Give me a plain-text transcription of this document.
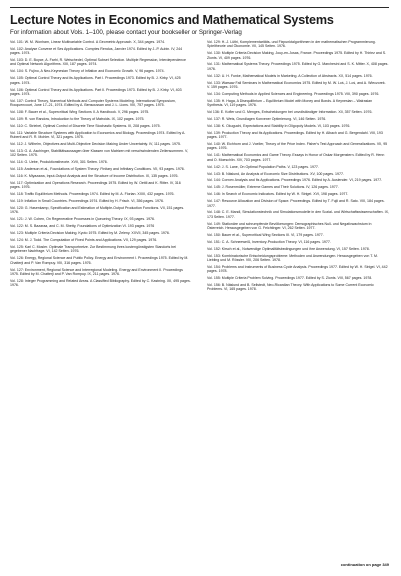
Lecture Notes in Economics and Mathematical Systems
For information about Vols. 1–100, please contact your bookseller or Springer-Verlag

Vol. 101: W. M. Wonham, Linear Multivariable Control. A Geometric Approach. X, 344 pages. 1974.

Vol. 102: Analyse Convexe et Ses Applications. Comptes Rendus, Janvier 1974. Edited by J.-P. Aubin. IV, 244 pages. 1974.

Vol. 103: D. E. Boyce, A. Farhi, R. Weischedel, Optimal Subset Selection. Multiple Regression, Interdependence and Optimal Network Algorithms. XIII, 187 pages. 1974.

Vol. 104: S. Fujino, A Neo-Keynesian Theory of Inflation and Economic Growth. V, 96 pages. 1974.

Vol. 105: Optimal Control Theory and its Applications. Part I. Proceedings 1973. Edited by B. J. Kirby. VI, 425 pages. 1974.

Vol. 106: Optimal Control Theory and its Applications. Part II. Proceedings 1973. Edited by B. J. Kirby. VI, 403 pages. 1974.

Vol. 107: Control Theory, Numerical Methods and Computer Systems Modeling. International Symposium, Rocquencourt, June 17–21, 1974. Edited by A. Bensoussan and J. L. Lions. VIII, 757 pages. 1975.

Vol. 108: F. Bauer et al., Supercritical Wing Sections II. A Handbook. V, 296 pages. 1975.

Vol. 109: R. von Randow, Introduction to the Theory of Matroids. IX, 102 pages. 1975.

Vol. 110: C. Striebel, Optimal Control of Discrete Time Stochastic Systems. III, 208 pages. 1975.

Vol. 111: Variable Structure Systems with Application to Economics and Biology. Proceedings 1974. Edited by A. Ruberti and R. R. Mohler. VI, 321 pages. 1975.

Vol. 112: J. Wilhelm, Objectives and Multi-Objective Decision Making Under Uncertainty. IV, 111 pages. 1975.

Vol. 113: G. A. Aschinger, Stabilitätsaussagen über Klassen von Matrizen mit verschwindenden Zeilensummen. V, 102 Seiten. 1975.

Vol. 114: G. Uebe, Produktionstheorie. XVII, 301 Seiten. 1976.

Vol. 115: Anderson et al., Foundations of System Theory: Finitary and Infinitary Conditions. VII, 93 pages. 1976.

Vol. 116: K. Miyazawa, Input-Output Analysis and the Structure of Income Distribution. IX, 135 pages. 1976.

Vol. 117: Optimization and Operations Research. Proceedings 1975. Edited by W. Oettli and K. Ritter. IV, 316 pages. 1976.

Vol. 118: Traffic Equilibrium Methods. Proceedings 1974. Edited by M. A. Florian. XXIII, 432 pages. 1976.

Vol. 119: Inflation in Small Countries. Proceedings 1974. Edited by H. Frisch. VI, 356 pages. 1976.

Vol. 120: G. Hasenkamp, Specification and Estimation of Multiple-Output Production Functions. VII, 151 pages. 1976.

Vol. 121: J. W. Cohen, On Regenerative Processes in Queueing Theory. IX, 93 pages. 1976.

Vol. 122: M. S. Bazaraa, and C. M. Shetty, Foundations of Optimization VI. 193 pages. 1976

Vol. 123: Multiple Criteria Decision Making. Kyoto 1975. Edited by M. Zeleny. XXVII, 345 pages. 1976.

Vol. 124: M. J. Todd. The Computation of Fixed Points and Applications. VII, 129 pages. 1976.

Vol. 125: Karl C. Mosler. Optimale Transportnetze. Zur Bestimmung ihres kostengünstigsten Standorts bei gegebener Nachfrage. VI, 142 Seiten. 1976.

Vol. 126: Energy, Regional Science and Public Policy. Energy and Environment I. Proceedings 1975. Edited by M. Chatterji and P. Van Rompuy. VIII, 316 pages. 1976.

Vol. 127: Environment, Regional Science and Interregional Modeling. Energy and Environment II. Proceedings 1975. Edited by M. Chatterji and P. Van Rompuy. IX, 211 pages. 1976.

Vol. 128: Integer Programming and Related Areas. A Classified Bibliography. Edited by C. Kastning. XII, 495 pages. 1976.

Vol. 129: H.-J. Lüthi, Komplementaritäts- und Fixpunktalgorithmen in der mathematischen Programmierung. Spieltheorie und Ökonomie. VII, 145 Seiten. 1976.

Vol. 130: Multiple Criteria Decision Making, Jouy-en-Josas, France. Proceedings 1975. Edited by H. Thiriez and S. Zionts. VI, 409 pages. 1976.

Vol. 131: Mathematical Systems Theory. Proceedings 1975. Edited by G. Marchesini and S. K. Mitter. X, 408 pages. 1976.

Vol. 132: U. H. Funke, Mathematical Models in Marketing. A Collection of Abstracts. XX, 514 pages. 1976.

Vol. 133: Warsaw Fall Seminars in Mathematical Economics 1975. Edited by M. W. Loś, J. Loś, and A. Wieczorek. V. 159 pages. 1976.

Vol. 134: Computing Methods in Applied Sciences and Engineering. Proceedings 1975. VIII, 390 pages. 1976.

Vol. 135: H. Haga, A Disequilibrium – Equilibrium Model with Money and Bonds. A Keynesian – Walrasian Synthesis. VI, 119 pages. 1976.

Vol 136: E. Kofler und G. Menges, Entscheidungen bei unvollständiger Information. XII, 357 Seiten. 1976.

Vol. 137: R. Wets, Grundlagen Konvexer Optimierung. VI, 146 Seiten. 1976.

Vol. 138: K. Okuguchi, Expectations and Stability in Oligopoly Models. VI, 103 pages. 1976.

Vol. 139: Production Theory and Its Applications. Proceedings. Edited by H. Albach and G. Bergendahl. VIII, 193 pages. 1977.

Vol. 140: W. Eichhorn and J. Voeller, Theory of the Price Index. Fisher's Test Approach and Generalizations. VII, 95 pages. 1976.

Vol. 141: Mathematical Economics and Game Theory. Essays in Honor of Oskar Morgenstern. Edited by R. Henn and O. Moeschlin. XIV, 703 pages. 1977.

Vol. 142: J. S. Lane, On Optimal Population Paths. V, 123 pages. 1977.

Vol. 143: B. Näslund, An Analysis of Economic Size Distributions. XV, 100 pages. 1977.

Vol. 144: Convex Analysis and Its Applications. Proceedings 1976. Edited by A. Auslender. VI, 219 pages. 1977.

Vol. 145: J. Rosenmüller, Extreme Games and Their Solutions. IV, 126 pages. 1977.

Vol. 146: In Search of Economic Indicators. Edited by W. H. Strigel. XVI, 198 pages. 1977.

Vol. 147: Resource Allocation and Division of Space. Proceedings. Edited by T. Fujii and R. Sato. VIII, 184 pages. 1977.

Vol. 148: C. E. Mandl, Simulationstechnik und Simulationsmodelle in den Sozial- und Wirtschaftswissenschaften. IX, 173 Seiten. 1977.

Vol. 149: Stationäre und schrumpfende Bevölkerungen: Demographisches Null- und Negativwachstum in Österreich. Herausgegeben von G. Feichtinger. VI, 262 Seiten. 1977.

Vol. 150: Bauer et al., Supercritical Wing Sections III. VI, 179 pages. 1977.

Vol. 151: C. A. Schneeweiß, Inventory-Production Theory. VI, 116 pages. 1977.

Vol. 152: Kirsch et al., Notwendige Optimalitätsbedingungen und ihre Anwendung. VI, 157 Seiten. 1978.

Vol. 153: Kombinatorische Entscheidungsprobleme: Methoden und Anwendungen. Herausgegeben von T. M. Liebling und M. Rössler. VIII, 206 Seiten. 1978.

Vol. 154: Problems and Instruments of Business Cycle Analysis. Proceedings 1977. Edited by W. H. Strigel. VI, 442 pages. 1978.

Vol. 155: Multiple Criteria Problem Solving. Proceedings 1977. Edited by S. Zionts. VIII, 567 pages. 1978.

Vol. 156: B. Näslund and B. Sellstedt, Neo-Ricardian Theory. With Applications to Some Current Economic Problems. VI, 165 pages. 1978.

continuation on page 349
